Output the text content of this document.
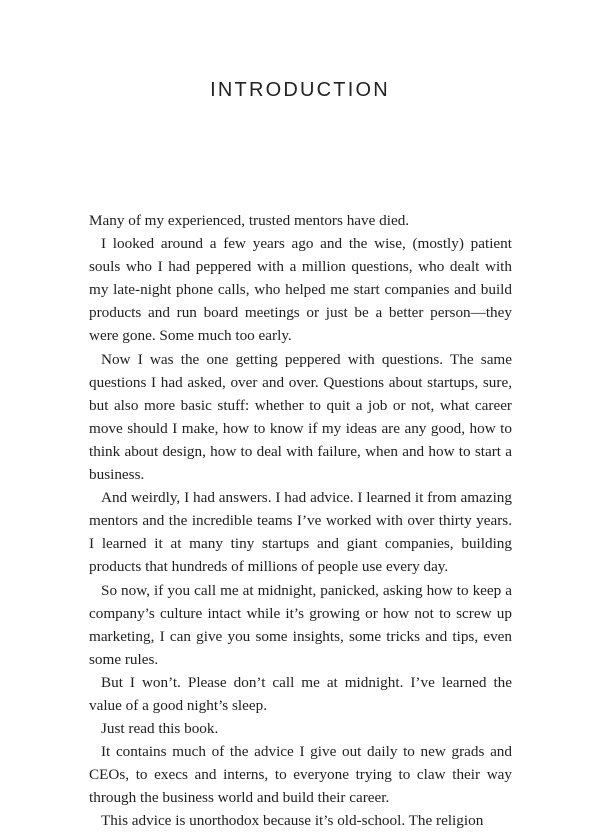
INTRODUCTION

Many of my experienced, trusted mentors have died.

I looked around a few years ago and the wise, (mostly) patient souls who I had peppered with a million questions, who dealt with my late-night phone calls, who helped me start companies and build products and run board meetings or just be a better person—they were gone. Some much too early.

Now I was the one getting peppered with questions. The same questions I had asked, over and over. Questions about startups, sure, but also more basic stuff: whether to quit a job or not, what career move should I make, how to know if my ideas are any good, how to think about design, how to deal with failure, when and how to start a business.

And weirdly, I had answers. I had advice. I learned it from amazing mentors and the incredible teams I’ve worked with over thirty years. I learned it at many tiny startups and giant companies, building products that hundreds of millions of people use every day.

So now, if you call me at midnight, panicked, asking how to keep a company’s culture intact while it’s growing or how not to screw up marketing, I can give you some insights, some tricks and tips, even some rules.

But I won’t. Please don’t call me at midnight. I’ve learned the value of a good night’s sleep.

Just read this book.

It contains much of the advice I give out daily to new grads and CEOs, to execs and interns, to everyone trying to claw their way through the business world and build their career.

This advice is unorthodox because it’s old-school. The religion
